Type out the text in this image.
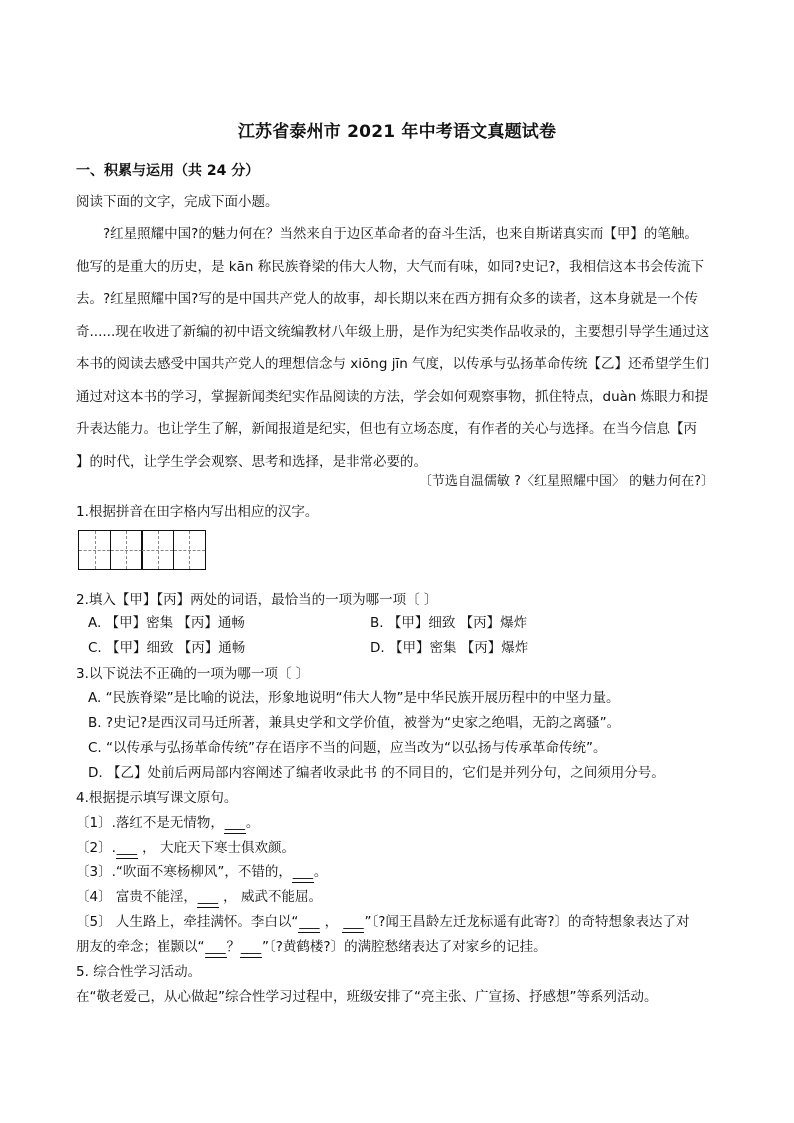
江苏省泰州市 2021 年中考语文真题试卷
一、积累与运用（共 24 分）
阅读下面的文字，完成下面小题。

?红星照耀中国?的魅力何在？当然来自于边区革命者的奋斗生活，也来自斯诺真实而【甲】的笔触。

他写的是重大的历史，是 kān 称民族脊梁的伟大人物，大气而有味，如同?史记?，我相信这本书会传流下

去。?红星照耀中国?写的是中国共产党人的故事，却长期以来在西方拥有众多的读者，这本身就是一个传

奇......现在收进了新编的初中语文统编教材八年级上册，是作为纪实类作品收录的，主要想引导学生通过这

本书的阅读去感受中国共产党人的理想信念与 xiōng jīn 气度，以传承与弘扬革命传统【乙】还希望学生们

通过对这本书的学习，掌握新闻类纪实作品阅读的方法，学会如何观察事物，抓住特点，duàn 炼眼力和提

升表达能力。也让学生了解，新闻报道是纪实，但也有立场态度，有作者的关心与选择。在当今信息【丙

】的时代，让学生学会观察、思考和选择，是非常必要的。

〔节选自温儒敏 ?〈红星照耀中国〉 的魅力何在?〕
1.根据拼音在田字格内写出相应的汉字。
2.填入【甲】【丙】两处的词语，最恰当的一项为哪一项〔 〕
A. 【甲】密集 【丙】通畅	B. 【甲】细致 【丙】爆炸
C. 【甲】细致 【丙】通畅	D. 【甲】密集 【丙】爆炸
3.以下说法不正确的一项为哪一项〔 〕
A. “民族脊梁”是比喻的说法，形象地说明“伟大人物”是中华民族开展历程中的中坚力量。
B. ?史记?是西汉司马迁所著，兼具史学和文学价值，被誉为“史家之绝唱，无韵之离骚”。
C. “以传承与弘扬革命传统”存在语序不当的问题，应当改为“以弘扬与传承革命传统”。
D. 【乙】处前后两局部内容阐述了编者收录此书 的不同目的，它们是并列分句，之间须用分号。
4.根据提示填写课文原句。
〔1〕.落红不是无情物，___。
〔2〕.___ ， 大庇天下寒士俱欢颜。
〔3〕.“吹面不寒杨柳风”，不错的，___。
〔4〕 富贵不能淫，___ ， 威武不能屈。
〔5〕 人生路上，牵挂满怀。李白以“___ ， ___”〔?闻王昌龄左迁龙标遥有此寄?〕的奇特想象表达了对
朋友的牵念；崔颢以“___？___”〔?黄鹤楼?〕的满腔愁绪表达了对家乡的记挂。
5. 综合性学习活动。
在“敬老爱己，从心做起”综合性学习过程中，班级安排了“亮主张、广宣扬、抒感想”等系列活动。
